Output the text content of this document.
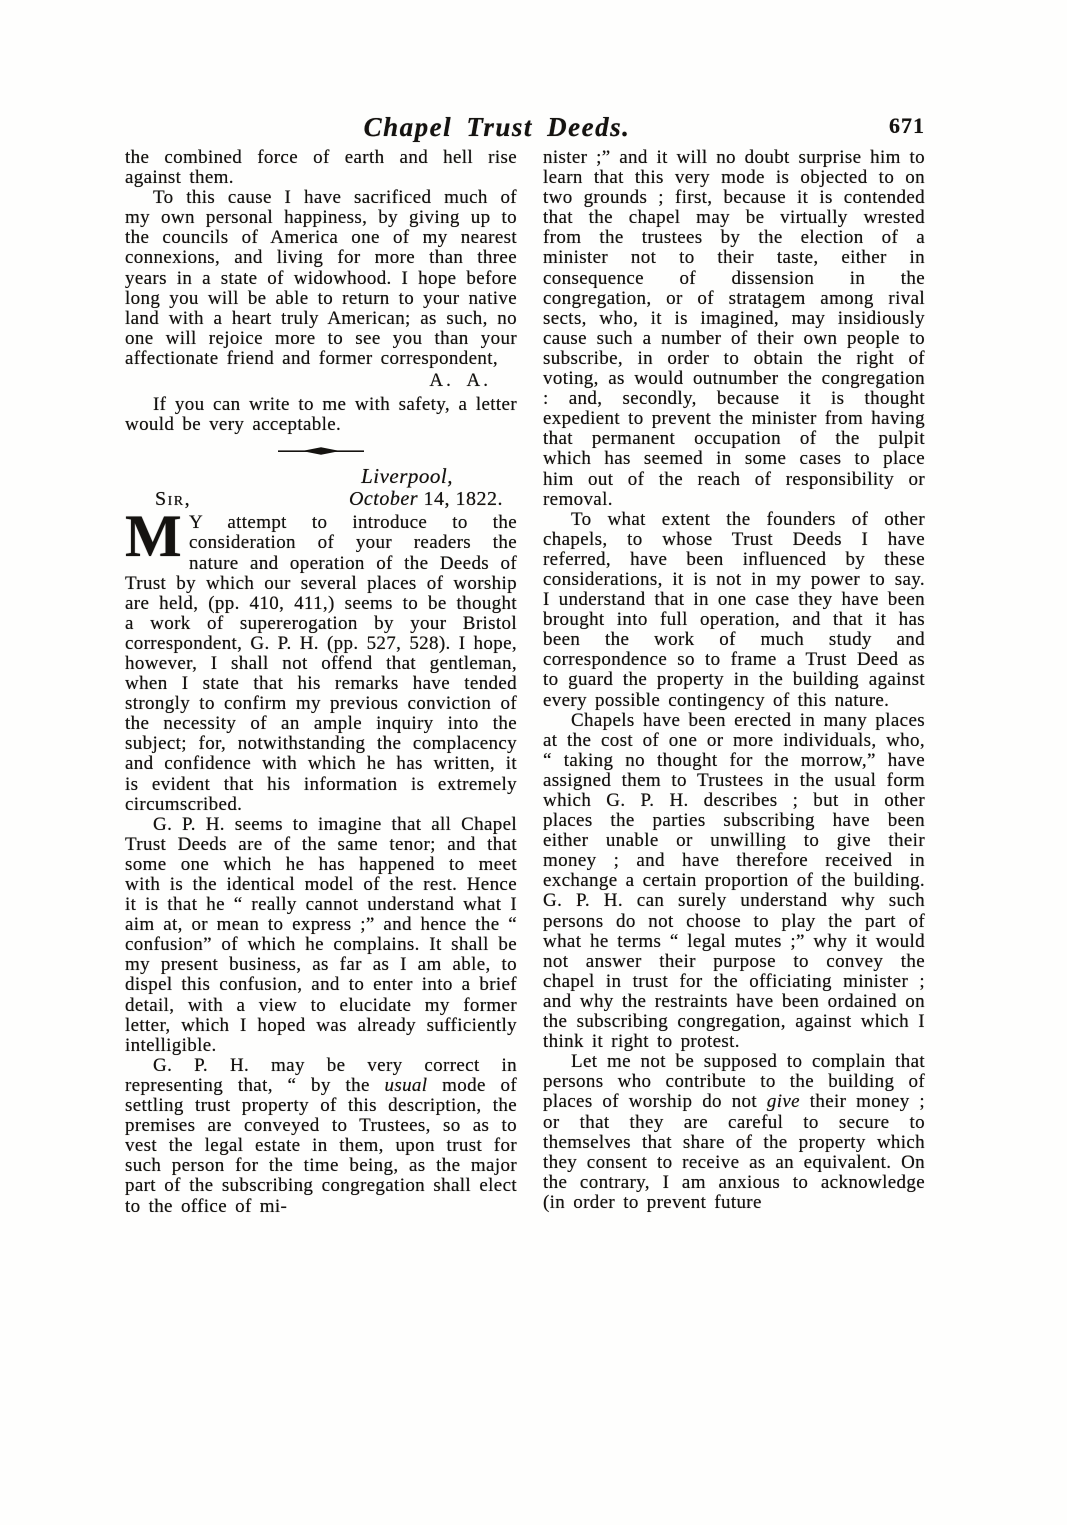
Chapel Trust Deeds.	671

the combined force of earth and hell rise against them.

To this cause I have sacrificed much of my own personal happiness, by giving up to the councils of America one of my nearest connexions, and living for more than three years in a state of widowhood. I hope before long you will be able to return to your native land with a heart truly American; as such, no one will rejoice more to see you than your affectionate friend and former correspondent,

A. A.

If you can write to me with safety, a letter would be very acceptable.

Liverpool,
Sir,	October 14, 1822.

M Y attempt to introduce to the consideration of your readers the nature and operation of the Deeds of Trust by which our several places of worship are held, (pp. 410, 411,) seems to be thought a work of supererogation by your Bristol correspondent, G. P. H. (pp. 527, 528). I hope, however, I shall not offend that gentleman, when I state that his remarks have tended strongly to confirm my previous conviction of the necessity of an ample inquiry into the subject; for, notwithstanding the complacency and confidence with which he has written, it is evident that his information is extremely circumscribed.

G. P. H. seems to imagine that all Chapel Trust Deeds are of the same tenor; and that some one which he has happened to meet with is the identical model of the rest. Hence it is that he “ really cannot understand what I aim at, or mean to express ;” and hence the “ confusion” of which he complains. It shall be my present business, as far as I am able, to dispel this confusion, and to enter into a brief detail, with a view to elucidate my former letter, which I hoped was already sufficiently intelligible.

G. P. H. may be very correct in representing that, “ by the usual mode of settling trust property of this description, the premises are conveyed to Trustees, so as to vest the legal estate in them, upon trust for such person for the time being, as the major part of the subscribing congregation shall elect to the office of mi-

nister ;” and it will no doubt surprise him to learn that this very mode is objected to on two grounds ; first, because it is contended that the chapel may be virtually wrested from the trustees by the election of a minister not to their taste, either in consequence of dissension in the congregation, or of stratagem among rival sects, who, it is imagined, may insidiously cause such a number of their own people to subscribe, in order to obtain the right of voting, as would outnumber the congregation : and, secondly, because it is thought expedient to prevent the minister from having that permanent occupation of the pulpit which has seemed in some cases to place him out of the reach of responsibility or removal.

To what extent the founders of other chapels, to whose Trust Deeds I have referred, have been influenced by these considerations, it is not in my power to say. I understand that in one case they have been brought into full operation, and that it has been the work of much study and correspondence so to frame a Trust Deed as to guard the property in the building against every possible contingency of this nature.

Chapels have been erected in many places at the cost of one or more individuals, who, “ taking no thought for the morrow,” have assigned them to Trustees in the usual form which G. P. H. describes ; but in other places the parties subscribing have been either unable or unwilling to give their money ; and have therefore received in exchange a certain proportion of the building. G. P. H. can surely understand why such persons do not choose to play the part of what he terms “ legal mutes ;” why it would not answer their purpose to convey the chapel in trust for the officiating minister ; and why the restraints have been ordained on the subscribing congregation, against which I think it right to protest.

Let me not be supposed to complain that persons who contribute to the building of places of worship do not give their money ; or that they are careful to secure to themselves that share of the property which they consent to receive as an equivalent. On the contrary, I am anxious to acknowledge (in order to prevent future
